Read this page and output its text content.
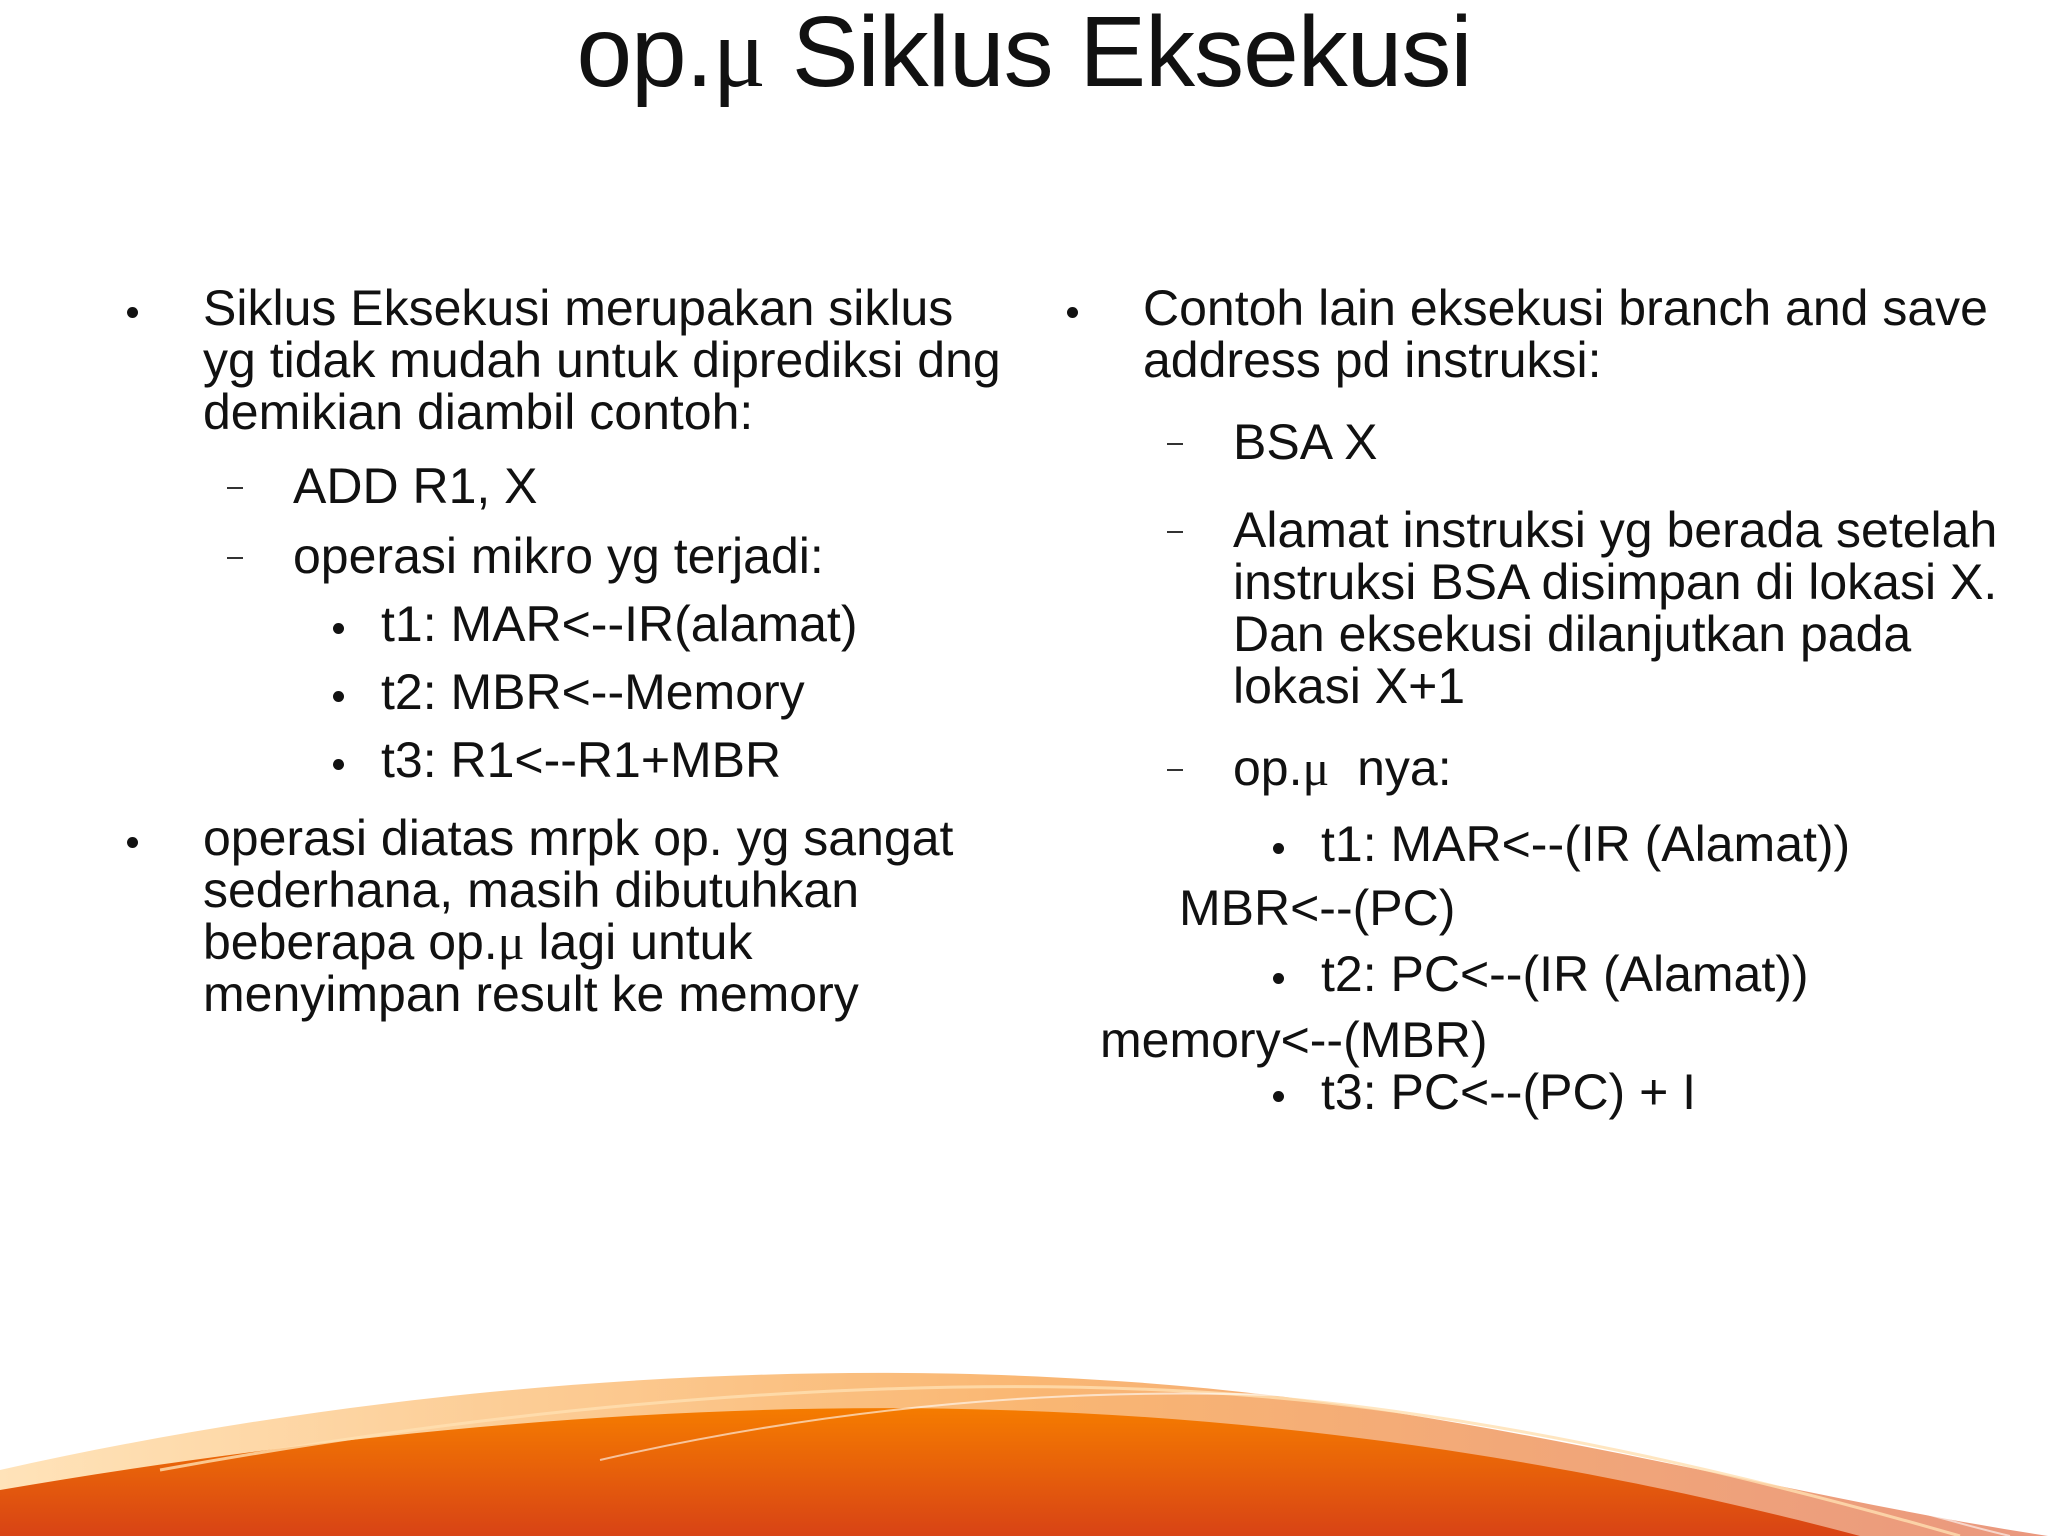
op.μ Siklus Eksekusi
Siklus Eksekusi merupakan siklus yg tidak mudah untuk diprediksi dng demikian diambil contoh:
ADD R1, X
operasi mikro yg terjadi:
t1: MAR<--IR(alamat)
t2: MBR<--Memory
t3: R1<--R1+MBR
operasi diatas mrpk op. yg sangat sederhana, masih dibutuhkan beberapa op.μ lagi untuk menyimpan result ke memory
Contoh lain eksekusi branch and save address pd instruksi:
BSA X
Alamat instruksi yg berada setelah instruksi BSA disimpan di lokasi X. Dan eksekusi dilanjutkan pada lokasi X+1
op.μ  nya:
t1: MAR<--(IR (Alamat))
MBR<--(PC)
t2: PC<--(IR (Alamat))
memory<--(MBR)
t3: PC<--(PC) + I
